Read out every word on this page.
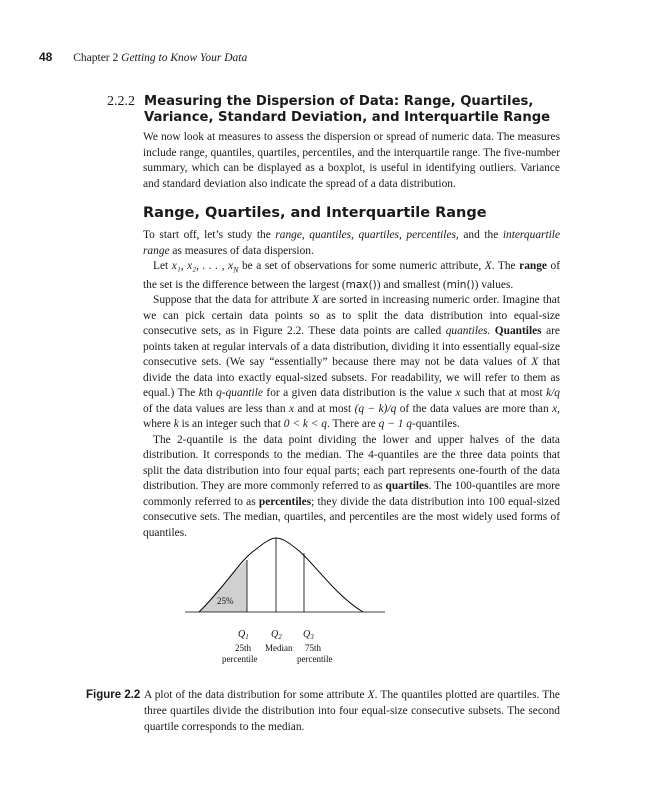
48 Chapter 2 Getting to Know Your Data
2.2.2 Measuring the Dispersion of Data: Range, Quartiles, Variance, Standard Deviation, and Interquartile Range

We now look at measures to assess the dispersion or spread of numeric data. The measures include range, quantiles, quartiles, percentiles, and the interquartile range. The five-number summary, which can be displayed as a boxplot, is useful in identifying outliers. Variance and standard deviation also indicate the spread of a data distribution.

Range, Quartiles, and Interquartile Range

To start off, let’s study the range, quantiles, quartiles, percentiles, and the interquartile range as measures of data dispersion.

Let x₁, x₂, . . . , $x_N$ be a set of observations for some numeric attribute, X. The range of the set is the difference between the largest (max()) and smallest (min()) values.

Suppose that the data for attribute X are sorted in increasing numeric order. Imagine that we can pick certain data points so as to split the data distribution into equal-size consecutive sets, as in Figure 2.2. These data points are called quantiles. Quantiles are points taken at regular intervals of a data distribution, dividing it into essentially equal-size consecutive sets. (We say “essentially” because there may not be data values of X that divide the data into exactly equal-sized subsets. For readability, we will refer to them as equal.) The kth q-quantile for a given data distribution is the value x such that at most k/q of the data values are less than x and at most (q − k)/q of the data values are more than x, where k is an integer such that 0 < k < q. There are q − 1 q-quantiles.

The 2-quantile is the data point dividing the lower and upper halves of the data distribution. It corresponds to the median. The 4-quantiles are the three data points that split the data distribution into four equal parts; each part represents one-fourth of the data distribution. They are more commonly referred to as quartiles. The 100-quantiles are more commonly referred to as percentiles; they divide the data distribution into 100 equal-sized consecutive sets. The median, quartiles, and percentiles are the most widely used forms of quantiles.

25%
$Q_1$ $Q_2$ $Q_3$
25th
percentile
Median 75th
percentile
Figure 2.2 A plot of the data distribution for some attribute X. The quantiles plotted are quartiles. The three quartiles divide the distribution into four equal-size consecutive subsets. The second quartile corresponds to the median.
